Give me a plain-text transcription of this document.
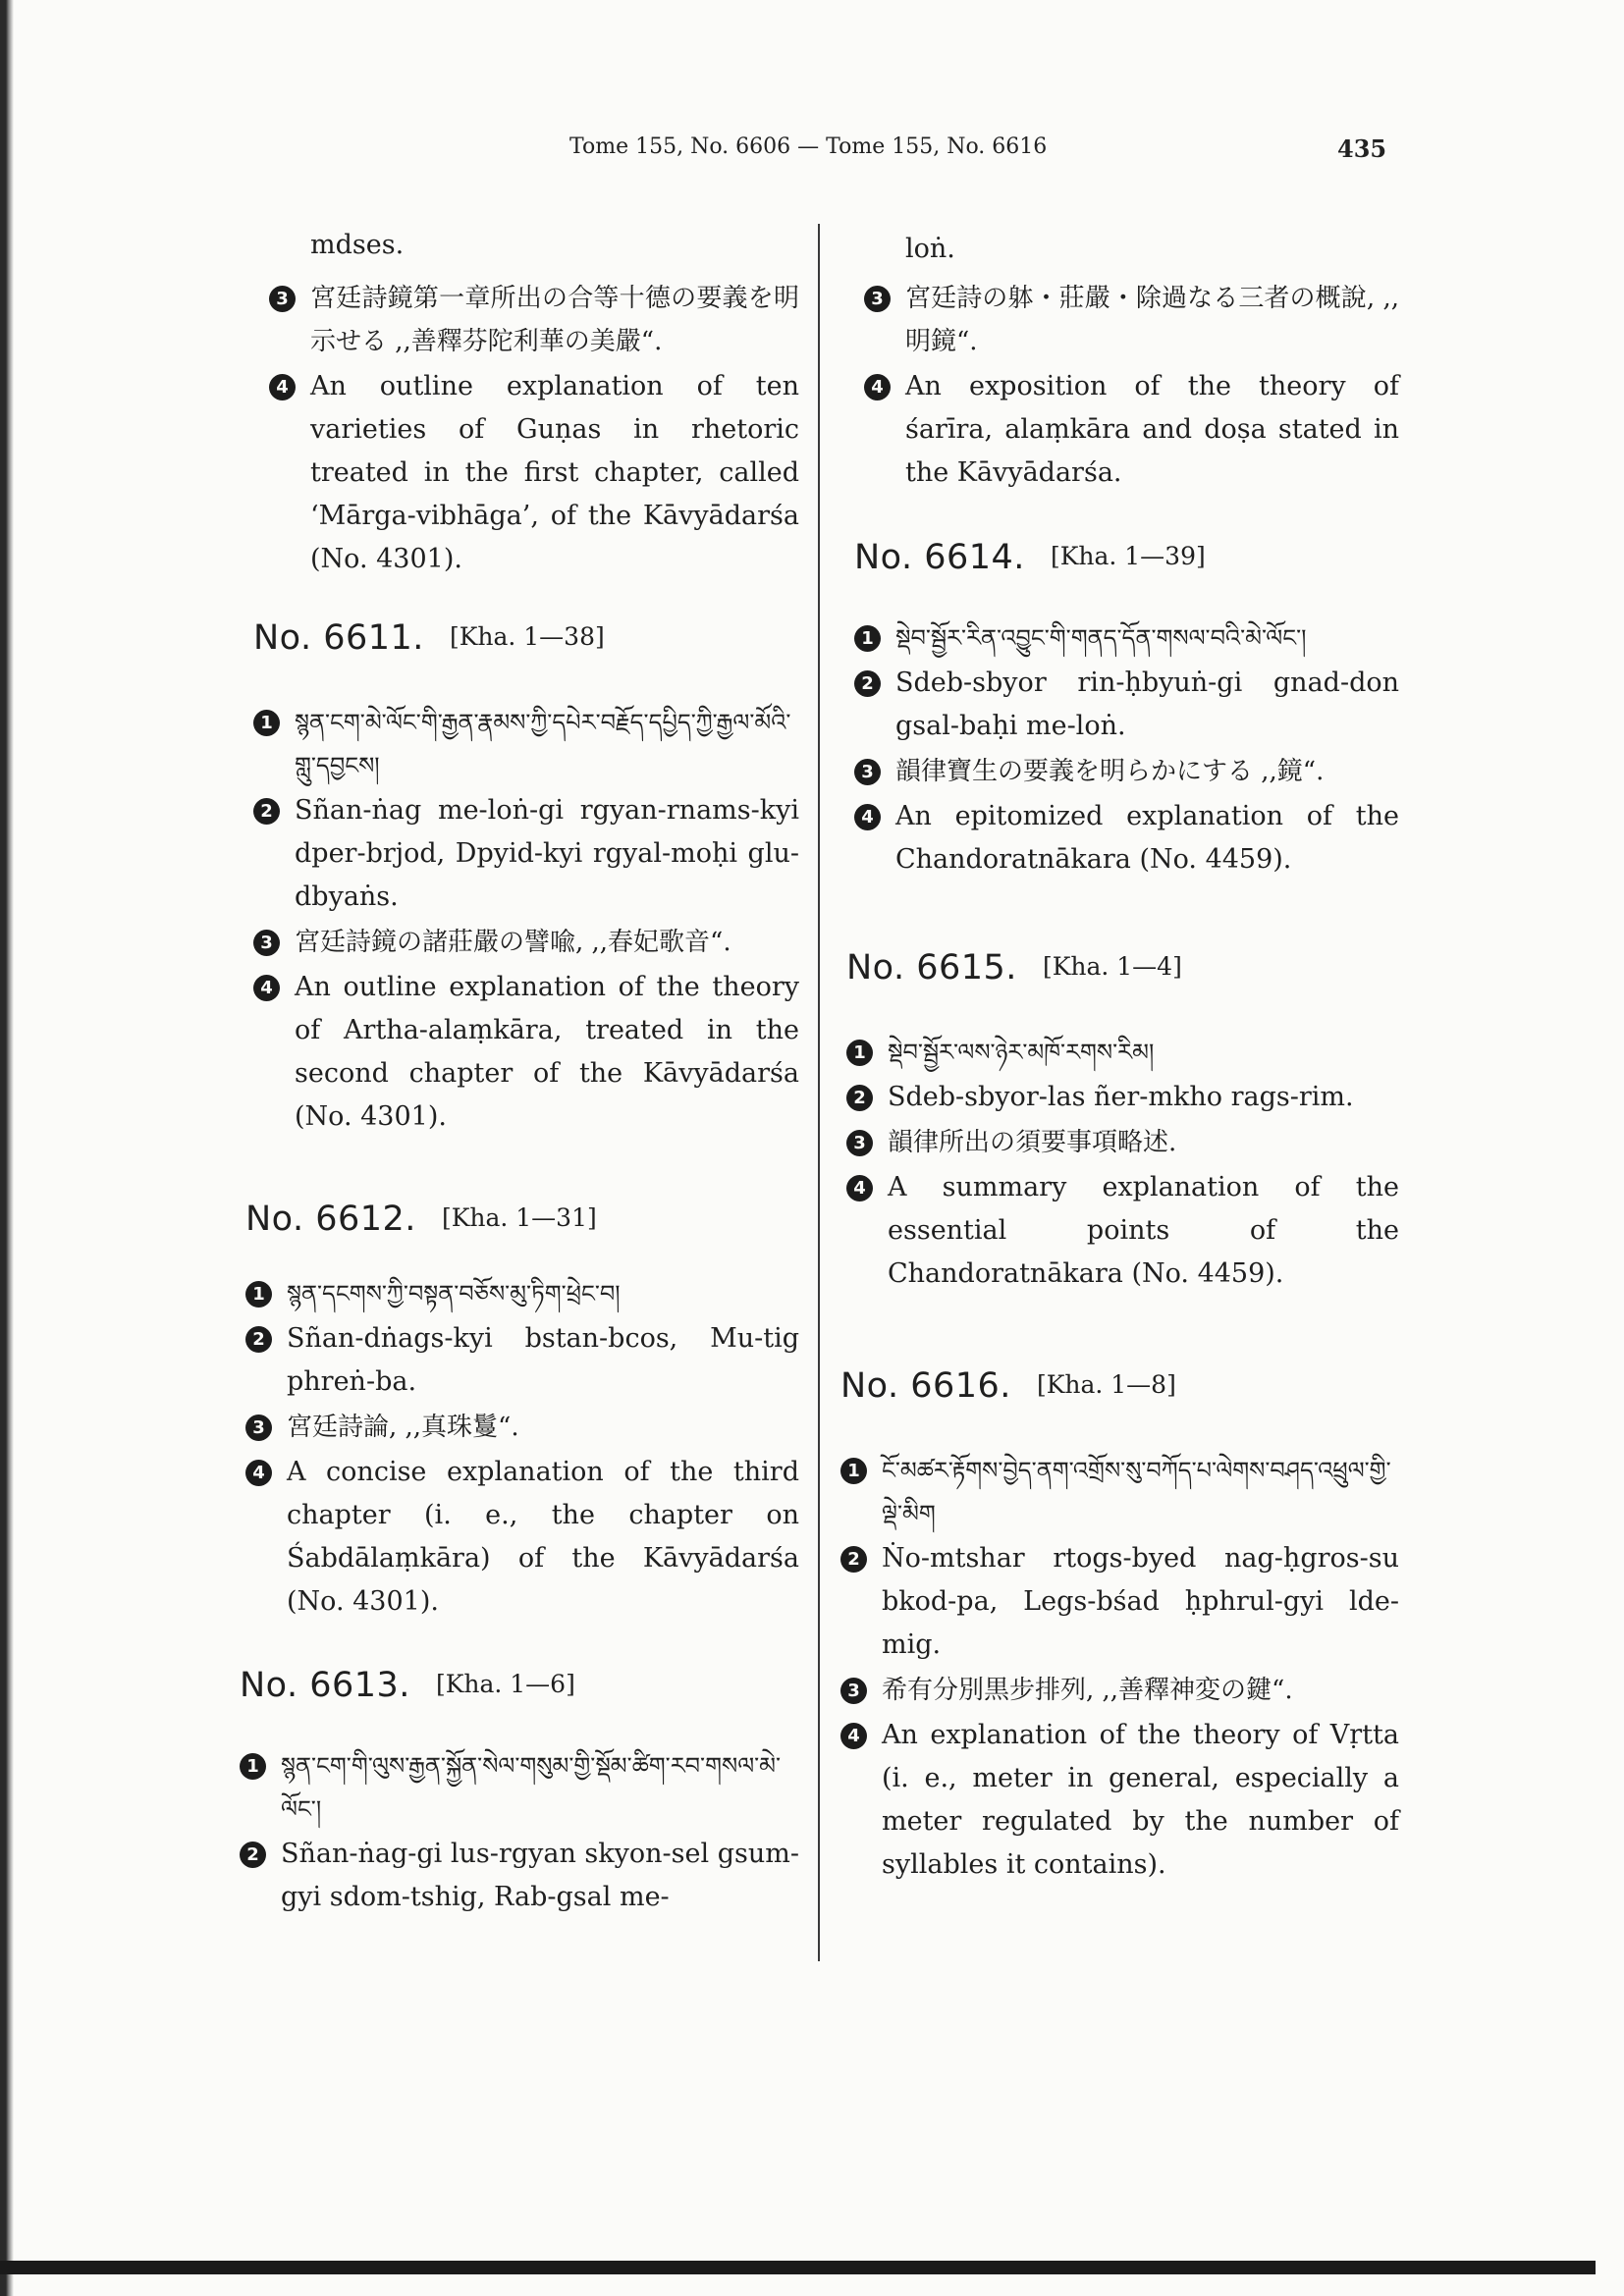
Tome 155, No. 6606 — Tome 155, No. 6616	435
mdses.
3 宮廷詩鏡第一章所出の合等十德の要義を明示せる ,,善釋芬陀利華の美嚴“.
4 An outline explanation of ten varieties of Guṇas in rhetoric treated in the first chapter, called ‘Mārga-vibhāga’, of the Kāvyādarśa (No. 4301).
No. 6611. [Kha. 1—38]
1 སྙན་ངག་མེ་ལོང་གི་རྒྱན་རྣམས་ཀྱི་དཔེར་བརྗོད་དཔྱིད་ཀྱི་རྒྱལ་མོའི་གླུ་དབྱངས།
2 Sñan-ṅag me-loṅ-gi rgyan-rnams-kyi dper-brjod, Dpyid-kyi rgyal-moḥi glu-dbyaṅs.
3 宮廷詩鏡の諸莊嚴の譬喩, ,,春妃歌音“.
4 An outline explanation of the theory of Artha-alaṃkāra, treated in the second chapter of the Kāvyādarśa (No. 4301).
No. 6612. [Kha. 1—31]
1 སྙན་དངགས་ཀྱི་བསྟན་བཅོས་མུ་ཏིག་ཕྲེང་བ།
2 Sñan-dṅags-kyi bstan-bcos, Mu-tig phreṅ-ba.
3 宮廷詩論, ,,真珠鬘“.
4 A concise explanation of the third chapter (i. e., the chapter on Śabdālaṃkāra) of the Kāvyādarśa (No. 4301).
No. 6613. [Kha. 1—6]
1 སྙན་ངག་གི་ལུས་རྒྱན་སྐྱོན་སེལ་གསུམ་གྱི་སྡོམ་ཚིག་རབ་གསལ་མེ་ལོང་།
2 Sñan-ṅag-gi lus-rgyan skyon-sel gsum-gyi sdom-tshig, Rab-gsal me-
loṅ.
3 宮廷詩の躰・莊嚴・除過なる三者の概說, ,,明鏡“.
4 An exposition of the theory of śarīra, alaṃkāra and doṣa stated in the Kāvyādarśa.
No. 6614. [Kha. 1—39]
1 སྡེབ་སྦྱོར་རིན་འབྱུང་གི་གནད་དོན་གསལ་བའི་མེ་ལོང་།
2 Sdeb-sbyor rin-ḥbyuṅ-gi gnad-don gsal-baḥi me-loṅ.
3 韻律寶生の要義を明らかにする ,,鏡“.
4 An epitomized explanation of the Chandoratnākara (No. 4459).
No. 6615. [Kha. 1—4]
1 སྡེབ་སྦྱོར་ལས་ཉེར་མཁོ་རགས་རིམ།
2 Sdeb-sbyor-las ñer-mkho rags-rim.
3 韻律所出の須要事項略述.
4 A summary explanation of the essential points of the Chandoratnākara (No. 4459).
No. 6616. [Kha. 1—8]
1 ངོ་མཚར་རྟོགས་བྱེད་ནག་འགྲོས་སུ་བཀོད་པ་ལེགས་བཤད་འཕྲུལ་གྱི་ལྡེ་མིག
2 Ṅo-mtshar rtogs-byed nag-ḥgros-su bkod-pa, Legs-bśad ḥphrul-gyi lde-mig.
3 希有分別黒步排列, ,,善釋神変の鍵“.
4 An explanation of the theory of Vṛtta (i. e., meter in general, especially a meter regulated by the number of syllables it contains).
